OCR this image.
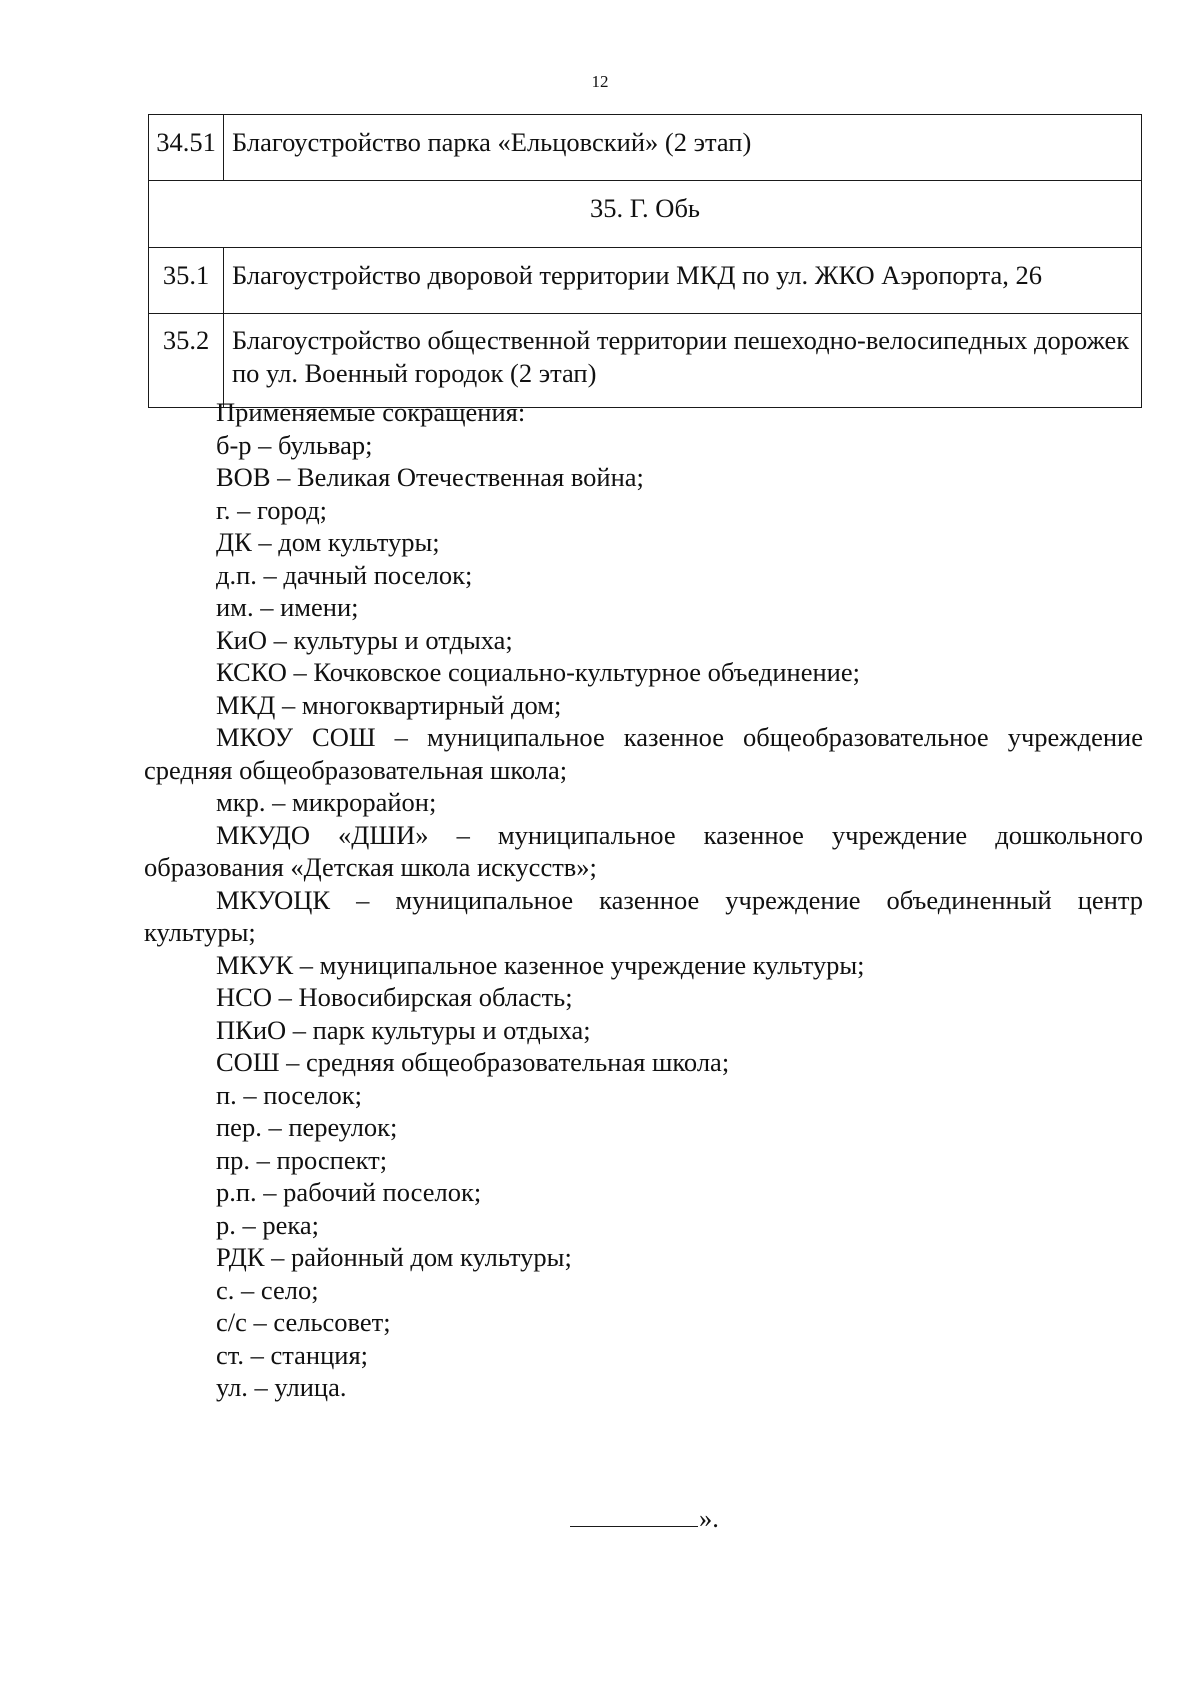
12
34.51	Благоустройство парка «Ельцовский» (2 этап)
35. Г. Обь	
35.1	Благоустройство дворовой территории МКД по ул. ЖКО Аэропорта, 26
35.2	Благоустройство общественной территории пешеходно-велосипедных дорожек по ул. Военный городок (2 этап)

Применяемые сокращения:

б-р – бульвар;

ВОВ – Великая Отечественная война;

г. – город;

ДК – дом культуры;

д.п. – дачный поселок;

им. – имени;

КиО – культуры и отдыха;

КСКО – Кочковское социально-культурное объединение;

МКД – многоквартирный дом;

МКОУ СОШ – муниципальное казенное общеобразовательное учреждение средняя общеобразовательная школа;

мкр. – микрорайон;

МКУДО «ДШИ» – муниципальное казенное учреждение дошкольного образования «Детская школа искусств»;

МКУОЦК – муниципальное казенное учреждение объединенный центр культуры;

МКУК – муниципальное казенное учреждение культуры;

НСО – Новосибирская область;

ПКиО – парк культуры и отдыха;

СОШ – средняя общеобразовательная школа;

п. – поселок;

пер. – переулок;

пр. – проспект;

р.п. – рабочий поселок;

р. – река;

РДК – районный дом культуры;

с. – село;

с/с – сельсовет;

ст. – станция;

ул. – улица.

».
